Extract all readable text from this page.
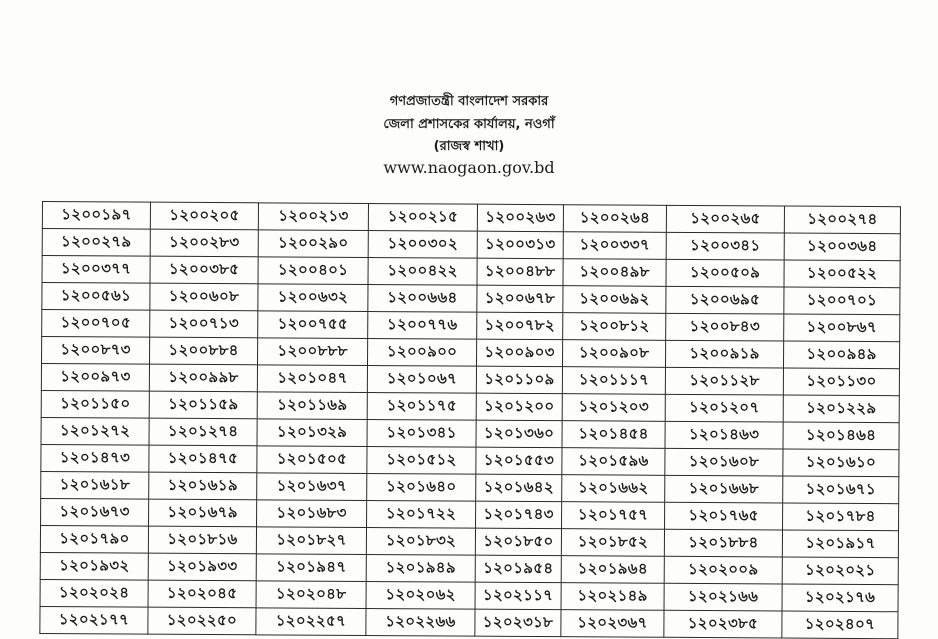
গণপ্রজাতন্ত্রী বাংলাদেশ সরকার
জেলা প্রশাসকের কার্যালয়, নওগাঁ
(রাজস্ব শাখা)
www.naogaon.gov.bd
১২০০১৯৭	১২০০২০৫	১২০০২১৩	১২০০২১৫	১২০০২৬৩	১২০০২৬৪	১২০০২৬৫	১২০০২৭৪
১২০০২৭৯	১২০০২৮৩	১২০০২৯০	১২০০৩০২	১২০০৩১৩	১২০০৩৩৭	১২০০৩৪১	১২০০৩৬৪
১২০০৩৭৭	১২০০৩৮৫	১২০০৪০১	১২০০৪২২	১২০০৪৮৮	১২০০৪৯৮	১২০০৫০৯	১২০০৫২২
১২০০৫৬১	১২০০৬০৮	১২০০৬৩২	১২০০৬৬৪	১২০০৬৭৮	১২০০৬৯২	১২০০৬৯৫	১২০০৭০১
১২০০৭০৫	১২০০৭১৩	১২০০৭৫৫	১২০০৭৭৬	১২০০৭৮২	১২০০৮১২	১২০০৮৪৩	১২০০৮৬৭
১২০০৮৭৩	১২০০৮৮৪	১২০০৮৮৮	১২০০৯০০	১২০০৯০৩	১২০০৯০৮	১২০০৯১৯	১২০০৯৪৯
১২০০৯৭৩	১২০০৯৯৮	১২০১০৪৭	১২০১০৬৭	১২০১১০৯	১২০১১১৭	১২০১১২৮	১২০১১৩০
১২০১১৫০	১২০১১৫৯	১২০১১৬৯	১২০১১৭৫	১২০১২০০	১২০১২০৩	১২০১২০৭	১২০১২২৯
১২০১২৭২	১২০১২৭৪	১২০১৩২৯	১২০১৩৪১	১২০১৩৬০	১২০১৪৫৪	১২০১৪৬৩	১২০১৪৬৪
১২০১৪৭৩	১২০১৪৭৫	১২০১৫০৫	১২০১৫১২	১২০১৫৫৩	১২০১৫৯৬	১২০১৬০৮	১২০১৬১০
১২০১৬১৮	১২০১৬১৯	১২০১৬৩৭	১২০১৬৪০	১২০১৬৪২	১২০১৬৬২	১২০১৬৬৮	১২০১৬৭১
১২০১৬৭৩	১২০১৬৭৯	১২০১৬৮৩	১২০১৭২২	১২০১৭৪৩	১২০১৭৫৭	১২০১৭৬৫	১২০১৭৮৪
১২০১৭৯০	১২০১৮১৬	১২০১৮২৭	১২০১৮৩২	১২০১৮৫০	১২০১৮৫২	১২০১৮৮৪	১২০১৯১৭
১২০১৯৩২	১২০১৯৩৩	১২০১৯৪৭	১২০১৯৪৯	১২০১৯৫৪	১২০১৯৬৪	১২০২০০৯	১২০২০২১
১২০২০২৪	১২০২০৪৫	১২০২০৪৮	১২০২০৬২	১২০২১১৭	১২০২১৪৯	১২০২১৬৬	১২০২১৭৬
১২০২১৭৭	১২০২২৫০	১২০২২৫৭	১২০২২৬৬	১২০২৩১৮	১২০২৩৬৭	১২০২৩৮৫	১২০২৪০৭
